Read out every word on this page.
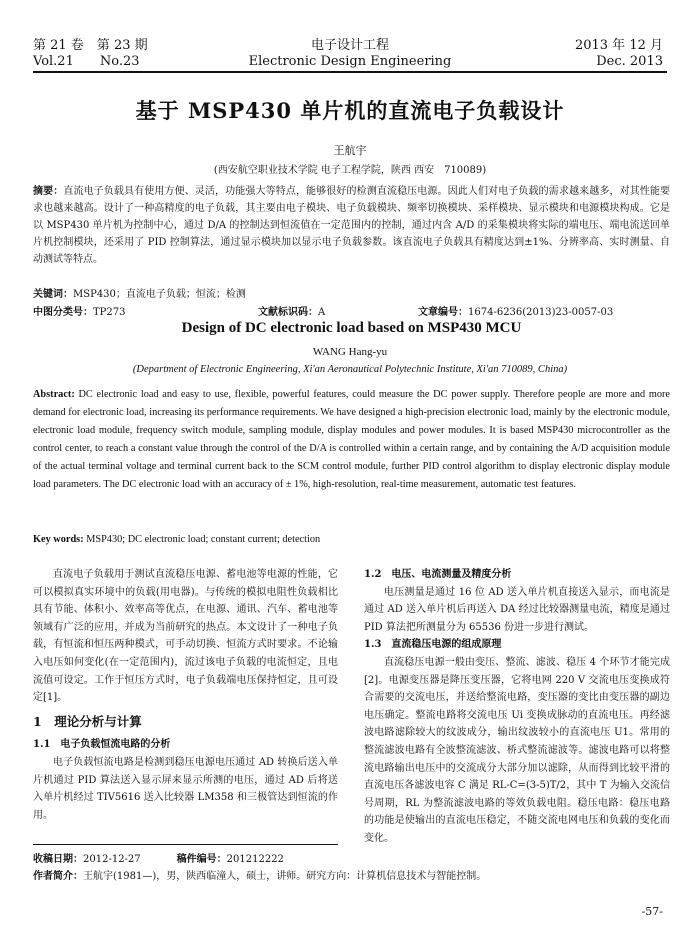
第 21 卷　第 23 期
Vol.21　　No.23
电子设计工程
Electronic Design Engineering
2013 年 12 月
Dec. 2013
基于 MSP430 单片机的直流电子负载设计
王航宇
(西安航空职业技术学院 电子工程学院，陕西 西安　710089)
摘要：直流电子负载具有使用方便、灵活，功能强大等特点，能够很好的检测直流稳压电源。因此人们对电子负载的需求越来越多，对其性能要求也越来越高。设计了一种高精度的电子负载，其主要由电子模块、电子负载模块、频率切换模块、采样模块、显示模块和电源模块构成。它是以 MSP430 单片机为控制中心，通过 D/A 的控制达到恒流值在一定范围内的控制，通过内含 A/D 的采集模块将实际的端电压、端电流送回单片机控制模块，还采用了 PID 控制算法，通过显示模块加以显示电子负载参数。该直流电子负载具有精度达到±1%、分辨率高、实时测量、自动测试等特点。
关键词：MSP430；直流电子负载；恒流；检测
中图分类号：TP273	文献标识码：A	文章编号：1674-6236(2013)23-0057-03
Design of DC electronic load based on MSP430 MCU
WANG Hang-yu
(Department of Electronic Engineering, Xi'an Aeronautical Polytechnic Institute, Xi'an 710089, China)
Abstract: DC electronic load and easy to use, flexible, powerful features, could measure the DC power supply. Therefore people are more and more demand for electronic load, increasing its performance requirements. We have designed a high-precision electronic load, mainly by the electronic module, electronic load module, frequency switch module, sampling module, display modules and power modules. It is based MSP430 microcontroller as the control center, to reach a constant value through the control of the D/A is controlled within a certain range, and by containing the A/D acquisition module of the actual terminal voltage and terminal current back to the SCM control module, further PID control algorithm to display electronic display module load parameters. The DC electronic load with an accuracy of ± 1%, high-resolution, real-time measurement, automatic test features.
Key words: MSP430; DC electronic load; constant current; detection

直流电子负载用于测试直流稳压电源、蓄电池等电源的性能，它可以模拟真实环境中的负载(用电器)。与传统的模拟电阻性负载相比具有节能、体积小、效率高等优点，在电源、通讯、汽车、蓄电池等领域有广泛的应用，并成为当前研究的热点。本文设计了一种电子负载，有恒流和恒压两种模式，可手动切换、恒流方式时要求。不论输入电压如何变化(在一定范围内)，流过该电子负载的电流恒定，且电流值可设定。工作于恒压方式时，电子负载端电压保持恒定，且可设定[1]。

1　理论分析与计算
1.1　电子负载恒流电路的分析

电子负载恒流电路是检测到稳压电源电压通过 AD 转换后送入单片机通过 PID 算法送入显示屏来显示所测的电压，通过 AD 后将送入单片机经过 TIV5616 送入比较器 LM358 和三极管达到恒流的作用。

1.2　电压、电流测量及精度分析

电压测量是通过 16 位 AD 送入单片机直接送入显示，而电流是通过 AD 送入单片机后再送入 DA 经过比较器测量电流，精度是通过 PID 算法把所测量分为 65536 份进一步进行测试。

1.3　直流稳压电源的组成原理

直流稳压电源一般由变压、整流、滤波、稳压 4 个环节才能完成[2]。电源变压器是降压变压器，它将电网 220 V 交流电压变换成符合需要的交流电压，并送给整流电路，变压器的变比由变压器的副边电压确定。整流电路将交流电压 Ui 变换成脉动的直流电压。再经滤波电路滤除较大的纹波成分，输出纹波较小的直流电压 U1。常用的整流滤波电路有全波整流滤波、桥式整流滤波等。滤波电路可以将整流电路输出电压中的交流成分大部分加以滤除，从而得到比较平滑的直流电压各滤波电容 C 满足 RL-C=(3-5)T/2，其中 T 为输入交流信号周期，RL 为整流滤波电路的等效负载电阻。稳压电路：稳压电路的功能是使输出的直流电压稳定，不随交流电网电压和负载的变化而变化。

收稿日期：2012-12-27	稿件编号：201212222
作者简介：王航宇(1981—)，男，陕西临潼人，硕士，讲师。研究方向：计算机信息技术与智能控制。
-57-
